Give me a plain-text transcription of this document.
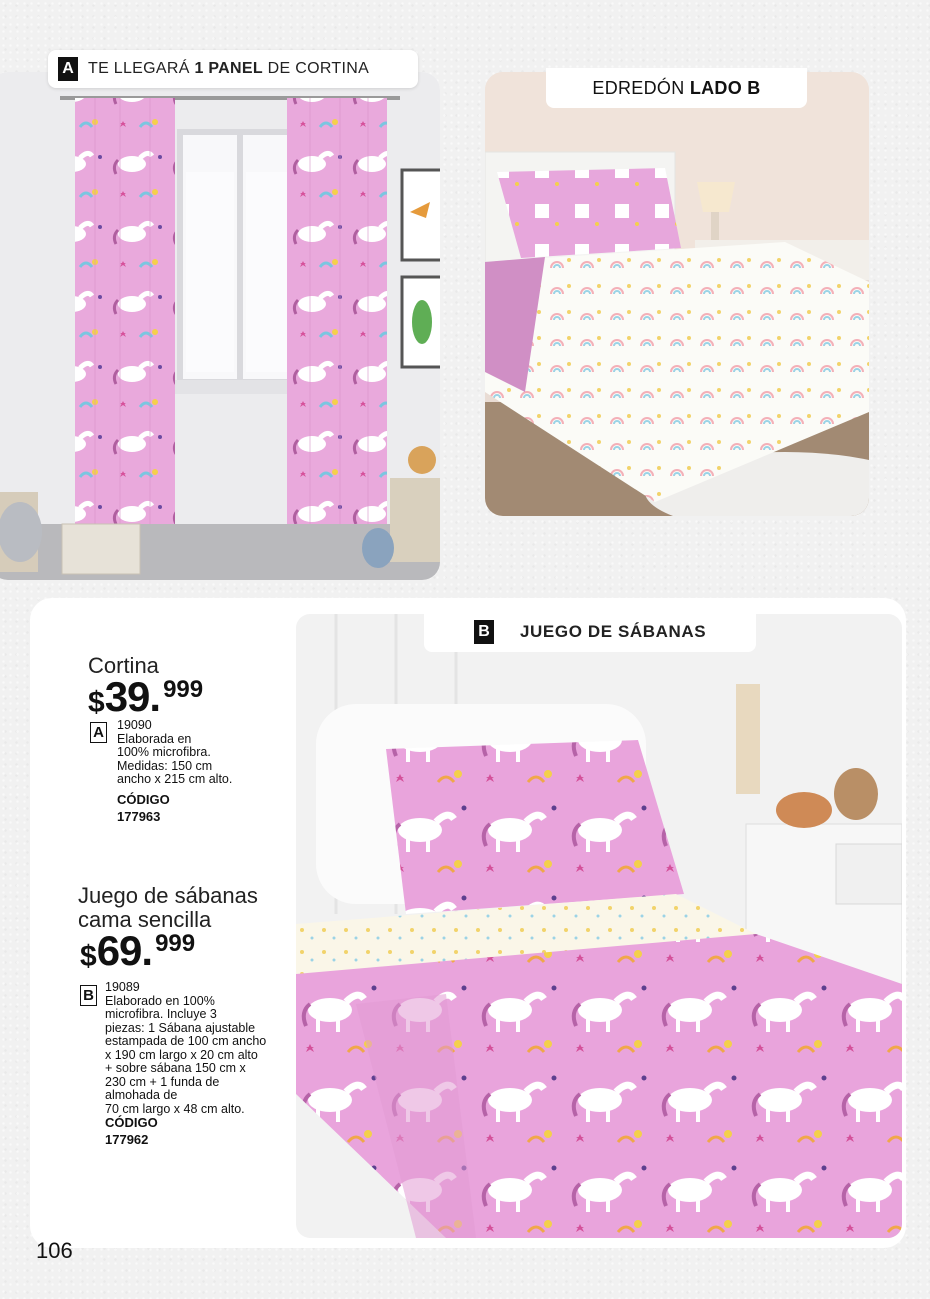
A TE LLEGARÁ 1 PANEL DE CORTINA
EDREDÓN LADO B
B JUEGO DE SÁBANAS
Cortina
$ 39. 999
A 19090
Elaborada en
100% microfibra.
Medidas: 150 cm
ancho x 215 cm alto.
CÓDIGO
177963
Juego de sábanas
cama sencilla
$ 69. 999
B 19089
Elaborado en 100%
microfibra. Incluye 3
piezas: 1 Sábana ajustable
estampada de 100 cm ancho
x 190 cm largo x 20 cm alto
+ sobre sábana 150 cm x
230 cm + 1 funda de
almohada de
70 cm largo x 48 cm alto.
CÓDIGO
177962
106
